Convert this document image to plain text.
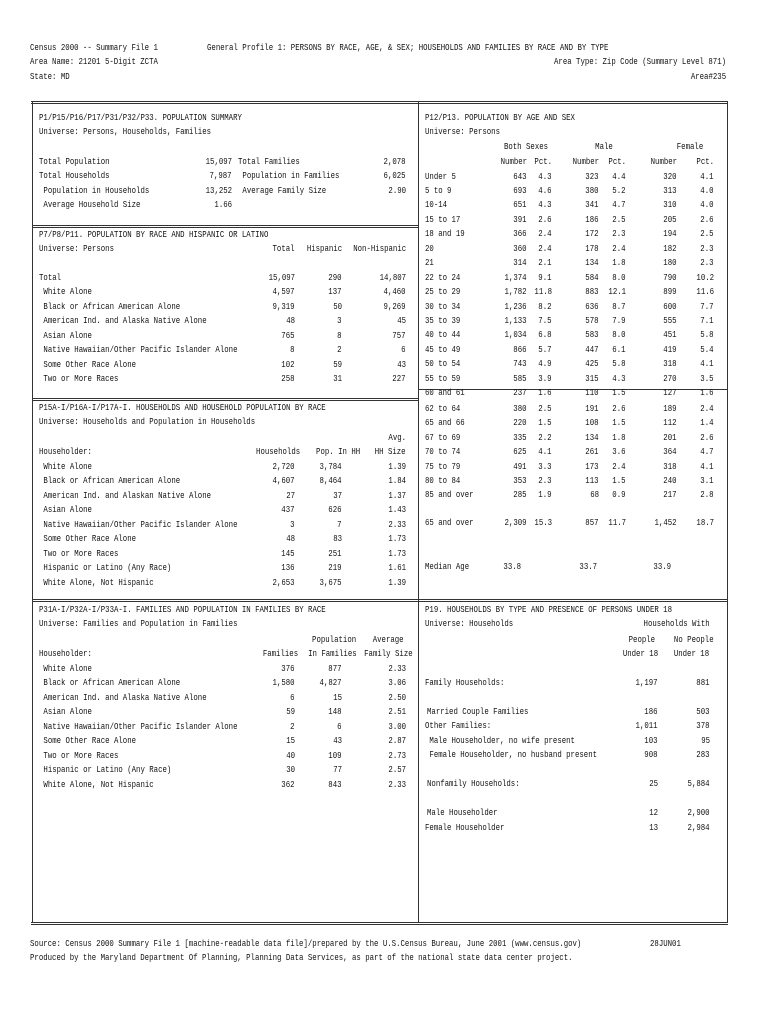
Census 2000 -- Summary File 1	General Profile 1: PERSONS BY RACE, AGE, & SEX; HOUSEHOLDS AND FAMILIES BY RACE AND BY TYPE
Area Name: 21201 5-Digit ZCTA	Area Type: Zip Code (Summary Level 871)
State: MD	Area#235
P1/P15/P16/P17/P31/P32/P33. POPULATION SUMMARY
Universe: Persons, Households, Families
Total Population	15,097
Total Households	7,987
Population in Households	13,252
Average Household Size	1.66
Total Families	2,078
Population in Families	6,025
Average Family Size	2.90
P7/P8/P11. POPULATION BY RACE AND HISPANIC OR LATINO
Universe: Persons	Total Hispanic Non-Hispanic
Total	15,097	290	14,807
White Alone	4,597	137	4,460
Black or African American Alone	9,319	50	9,269
American Ind. and Alaska Native Alone	48	3	45
Asian Alone	765	8	757
Native Hawaiian/Other Pacific Islander Alone	8	2	6
Some Other Race Alone	102	59	43
Two or More Races	258	31	227
P15A-I/P16A-I/P17A-I. HOUSEHOLDS AND HOUSEHOLD POPULATION BY RACE
Universe: Households and Population in Households
Avg.
Householder:	Households Pop. In HH HH Size
White Alone	2,720	3,784	1.39
Black or African American Alone	4,607	8,464	1.84
American Ind. and Alaskan Native Alone	27	37	1.37
Asian Alone	437	626	1.43
Native Hawaiian/Other Pacific Islander Alone	3	7	2.33
Some Other Race Alone	48	83	1.73
Two or More Races	145	251	1.73
Hispanic or Latino (Any Race)	136	219	1.61
White Alone, Not Hispanic	2,653	3,675	1.39
P31A-I/P32A-I/P33A-I. FAMILIES AND POPULATION IN FAMILIES BY RACE
Universe: Families and Population in Families
Population Average
Householder:	Families In Families Family Size
White Alone	376	877	2.33
Black or African American Alone	1,580	4,827	3.06
American Ind. and Alaska Native Alone	6	15	2.50
Asian Alone	59	148	2.51
Native Hawaiian/Other Pacific Islander Alone	2	6	3.00
Some Other Race Alone	15	43	2.87
Two or More Races	40	109	2.73
Hispanic or Latino (Any Race)	30	77	2.57
White Alone, Not Hispanic	362	843	2.33
P12/P13. POPULATION BY AGE AND SEX
Universe: Persons
Both Sexes	Male	Female
Number Pct. Number Pct.	Number Pct.
Under 5	643 4.3	323 4.4	320	4.1
5 to 9	693 4.6	380 5.2	313	4.0
10-14	651 4.3	341 4.7	310	4.0
15 to 17	391 2.6	186 2.5	205	2.6
18 and 19	366 2.4	172 2.3	194	2.5
20	360 2.4	178 2.4	182	2.3
21	314 2.1	134 1.8	180	2.3
22 to 24	1,374 9.1	584 8.0	790 10.2
25 to 29	1,782 11.8	883 12.1	899 11.6
30 to 34	1,236 8.2	636 8.7	600	7.7
35 to 39	1,133 7.5	578 7.9	555	7.1
40 to 44	1,034 6.8	583 8.0	451	5.8
45 to 49	866 5.7	447 6.1	419	5.4
50 to 54	743 4.9	425 5.8	318	4.1
55 to 59	585 3.9	315 4.3	270	3.5
60 and 61	237 1.6	110 1.5	127	1.6
62 to 64	380 2.5	191 2.6	189	2.4
65 and 66	220 1.5	108 1.5	112	1.4
67 to 69	335 2.2	134 1.8	201	2.6
70 to 74	625 4.1	261 3.6	364	4.7
75 to 79	491 3.3	173 2.4	318	4.1
80 to 84	353 2.3	113 1.5	240	3.1
85 and over	285 1.9	68 0.9	217	2.8
65 and over	2,309 15.3	857 11.7	1,452 18.7
Median Age	33.8	33.7	33.9
P19. HOUSEHOLDS BY TYPE AND PRESENCE OF PERSONS UNDER 18
Universe: Households	Households With
People No People
Under 18 Under 18
Family Households:	1,197	881
Married Couple Families	186	503
Other Families:	1,011	378
Male Householder, no wife present	103	95
Female Householder, no husband present	908	283
Nonfamily Households:	25	5,884
Male Householder	12	2,900
Female Householder	13	2,984
Source: Census 2000 Summary File 1 [machine-readable data file]/prepared by the U.S.Census Bureau, June 2001 (www.census.gov)	28JUN01
Produced by the Maryland Department Of Planning, Planning Data Services, as part of the national state data center project.
